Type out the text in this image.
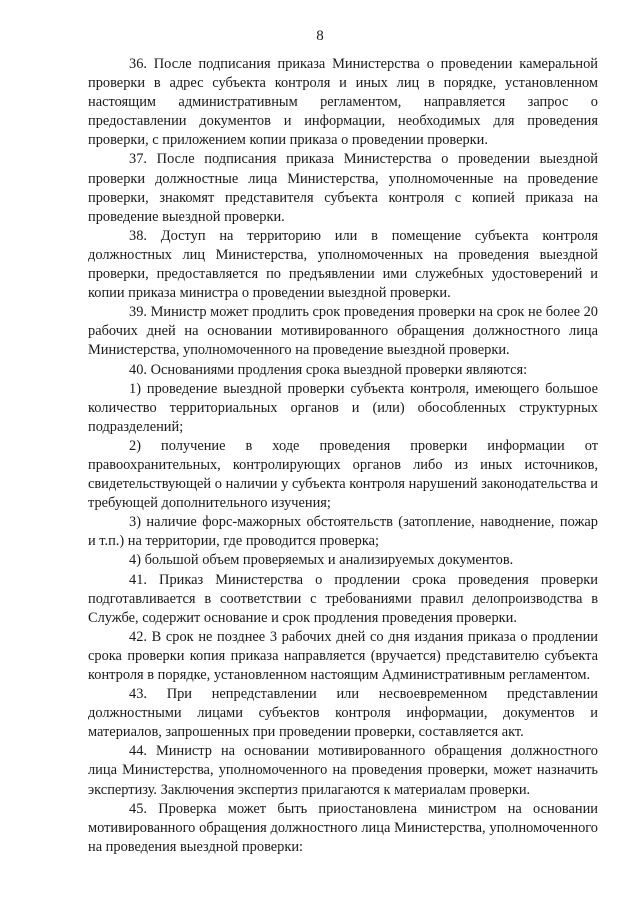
8

36. После подписания приказа Министерства о проведении камеральной проверки в адрес субъекта контроля и иных лиц в порядке, установленном настоящим административным регламентом, направляется запрос о предоставлении документов и информации, необходимых для проведения проверки, с приложением копии приказа о проведении проверки.

37. После подписания приказа Министерства о проведении выездной проверки должностные лица Министерства, уполномоченные на проведение проверки, знакомят представителя субъекта контроля с копией приказа на проведение выездной проверки.

38. Доступ на территорию или в помещение субъекта контроля должностных лиц Министерства, уполномоченных на проведения выездной проверки, предоставляется по предъявлении ими служебных удостоверений и копии приказа министра о проведении выездной проверки.

39. Министр может продлить срок проведения проверки на срок не более 20 рабочих дней на основании мотивированного обращения должностного лица Министерства, уполномоченного на проведение выездной проверки.

40. Основаниями продления срока выездной проверки являются:

1) проведение выездной проверки субъекта контроля, имеющего большое количество территориальных органов и (или) обособленных структурных подразделений;

2) получение в ходе проведения проверки информации от правоохранительных, контролирующих органов либо из иных источников, свидетельствующей о наличии у субъекта контроля нарушений законодательства и требующей дополнительного изучения;

3) наличие форс-мажорных обстоятельств (затопление, наводнение, пожар и т.п.) на территории, где проводится проверка;

4) большой объем проверяемых и анализируемых документов.

41. Приказ Министерства о продлении срока проведения проверки подготавливается в соответствии с требованиями правил делопроизводства в Службе, содержит основание и срок продления проведения проверки.

42. В срок не позднее 3 рабочих дней со дня издания приказа о продлении срока проверки копия приказа направляется (вручается) представителю субъекта контроля в порядке, установленном настоящим Административным регламентом.

43. При непредставлении или несвоевременном представлении должностными лицами субъектов контроля информации, документов и материалов, запрошенных при проведении проверки, составляется акт.

44. Министр на основании мотивированного обращения должностного лица Министерства, уполномоченного на проведения проверки, может назначить экспертизу. Заключения экспертиз прилагаются к материалам проверки.

45. Проверка может быть приостановлена министром на основании мотивированного обращения должностного лица Министерства, уполномоченного на проведения выездной проверки:
